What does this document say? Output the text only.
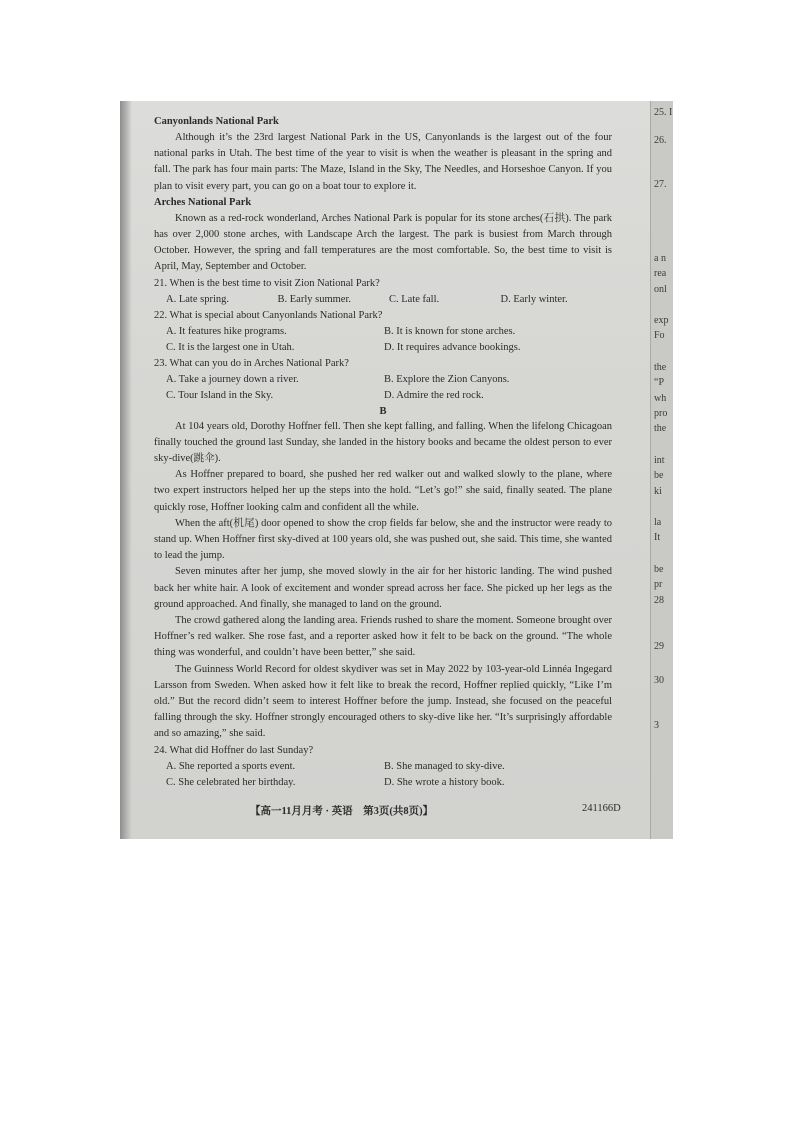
Canyonlands National Park

Although it’s the 23rd largest National Park in the US, Canyonlands is the largest out of the four national parks in Utah. The best time of the year to visit is when the weather is pleasant in the spring and fall. The park has four main parts: The Maze, Island in the Sky, The Needles, and Horseshoe Canyon. If you plan to visit every part, you can go on a boat tour to explore it.

Arches National Park

Known as a red-rock wonderland, Arches National Park is popular for its stone arches(石拱). The park has over 2,000 stone arches, with Landscape Arch the largest. The park is busiest from March through October. However, the spring and fall temperatures are the most comfortable. So, the best time to visit is April, May, September and October.

21. When is the best time to visit Zion National Park?

A. Late spring.	B. Early summer.	C. Late fall.	D. Early winter.

22. What is special about Canyonlands National Park?

A. It features hike programs.	B. It is known for stone arches.
C. It is the largest one in Utah.	D. It requires advance bookings.

23. What can you do in Arches National Park?

A. Take a journey down a river.	B. Explore the Zion Canyons.
C. Tour Island in the Sky.	D. Admire the red rock.
B

At 104 years old, Dorothy Hoffner fell. Then she kept falling, and falling. When the lifelong Chicagoan finally touched the ground last Sunday, she landed in the history books and became the oldest person to ever sky-dive(跳伞).

As Hoffner prepared to board, she pushed her red walker out and walked slowly to the plane, where two expert instructors helped her up the steps into the hold. “Let’s go!” she said, finally seated. The plane quickly rose, Hoffner looking calm and confident all the while.

When the aft(机尾) door opened to show the crop fields far below, she and the instructor were ready to stand up. When Hoffner first sky-dived at 100 years old, she was pushed out, she said. This time, she wanted to lead the jump.

Seven minutes after her jump, she moved slowly in the air for her historic landing. The wind pushed back her white hair. A look of excitement and wonder spread across her face. She picked up her legs as the ground approached. And finally, she managed to land on the ground.

The crowd gathered along the landing area. Friends rushed to share the moment. Someone brought over Hoffner’s red walker. She rose fast, and a reporter asked how it felt to be back on the ground. “The whole thing was wonderful, and couldn’t have been better,” she said.

The Guinness World Record for oldest skydiver was set in May 2022 by 103-year-old Linnéa Ingegard Larsson from Sweden. When asked how it felt like to break the record, Hoffner replied quickly, “Like I’m old.” But the record didn’t seem to interest Hoffner before the jump. Instead, she focused on the peaceful falling through the sky. Hoffner strongly encouraged others to sky-dive like her. “It’s surprisingly affordable and so amazing,” she said.

24. What did Hoffner do last Sunday?

A. She reported a sports event.	B. She managed to sky-dive.
C. She celebrated her birthday.	D. She wrote a history book.
【高一11月月考 · 英语　第3页(共8页)】	241166D
25. I
26.
27.
a n
rea
onl
exp
Fo
the
“P
wh
pro
the
int
be
ki
la
It
be
pr
28
29
30
3
